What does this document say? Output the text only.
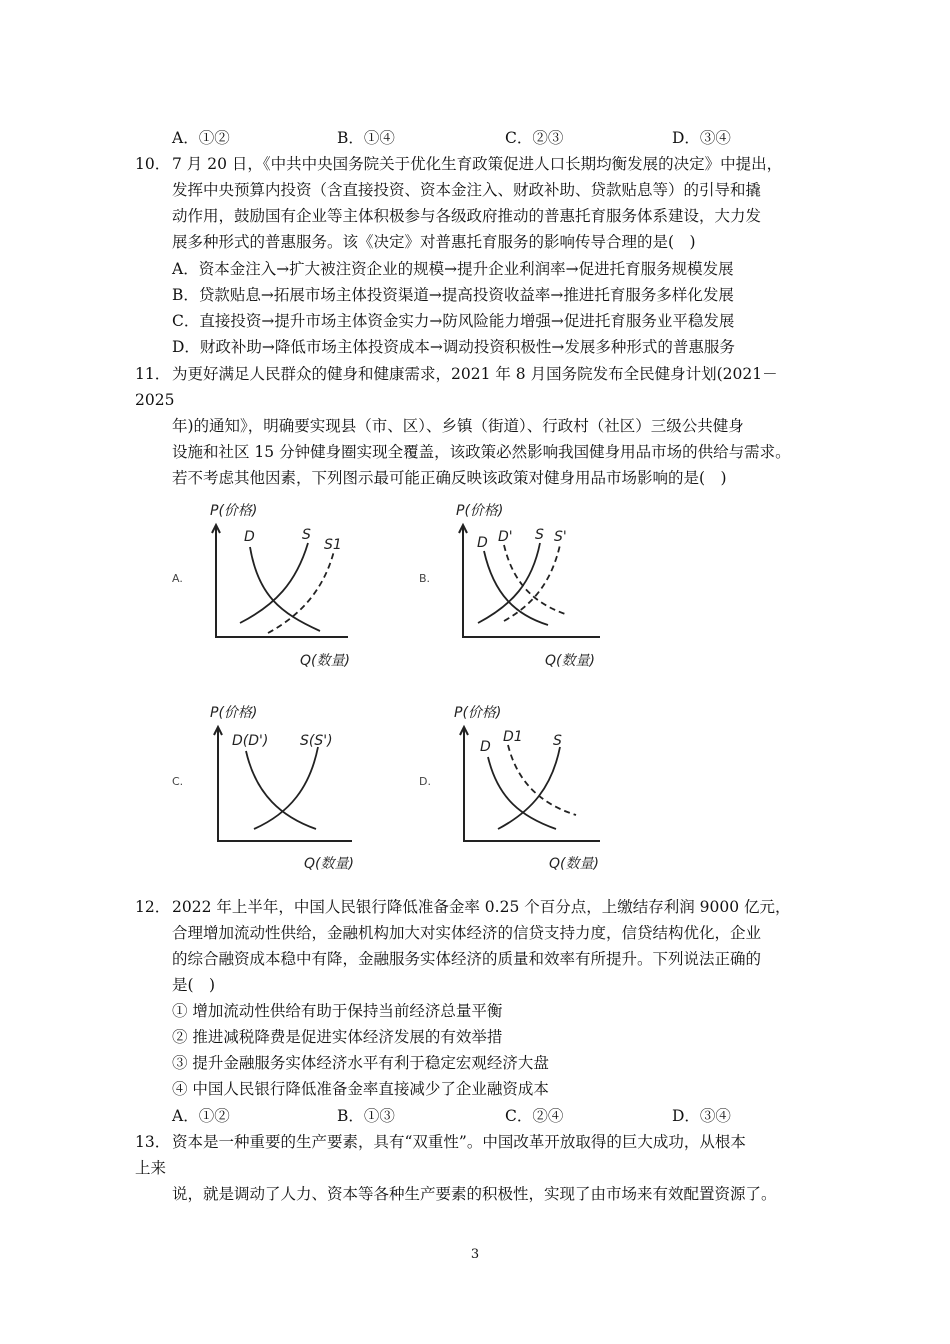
A．①②	B．①④	C．②③	D．③④
10． 7 月 20 日，《中共中央国务院关于优化生育政策促进人口长期均衡发展的决定》中提出，
发挥中央预算内投资（含直接投资、资本金注入、财政补助、贷款贴息等）的引导和撬
动作用，鼓励国有企业等主体积极参与各级政府推动的普惠托育服务体系建设，大力发
展多种形式的普惠服务。该《决定》对普惠托育服务的影响传导合理的是(　)
A．资本金注入→扩大被注资企业的规模→提升企业利润率→促进托育服务规模发展
B．贷款贴息→拓展市场主体投资渠道→提高投资收益率→推进托育服务多样化发展
C．直接投资→提升市场主体资金实力→防风险能力增强→促进托育服务业平稳发展
D．财政补助→降低市场主体投资成本→调动投资积极性→发展多种形式的普惠服务
11． 为更好满足人民群众的健身和健康需求，2021 年 8 月国务院发布全民健身计划(2021－
2025
年)的通知》，明确要实现县（市、区）、乡镇（街道）、行政村（社区）三级公共健身
设施和社区 15 分钟健身圈实现全覆盖，该政策必然影响我国健身用品市场的供给与需求。
若不考虑其他因素，下列图示最可能正确反映该政策对健身用品市场影响的是(　)
A.
P(价格)
Q(数量)
D	S
S1
B.
P(价格)
Q(数量)
D D' S S'
C.
P(价格)
Q(数量)
D(D') S(S')
D.
P(价格)
Q(数量)
D
D1 S
12． 2022 年上半年，中国人民银行降低准备金率 0.25 个百分点，上缴结存利润 9000 亿元，
合理增加流动性供给，金融机构加大对实体经济的信贷支持力度，信贷结构优化，企业
的综合融资成本稳中有降，金融服务实体经济的质量和效率有所提升。下列说法正确的
是(　)
① 增加流动性供给有助于保持当前经济总量平衡
② 推进减税降费是促进实体经济发展的有效举措
③ 提升金融服务实体经济水平有利于稳定宏观经济大盘
④ 中国人民银行降低准备金率直接减少了企业融资成本
A．①②	B．①③	C．②④	D．③④
13． 资本是一种重要的生产要素，具有“双重性”。中国改革开放取得的巨大成功，从根本
上来
说，就是调动了人力、资本等各种生产要素的积极性，实现了由市场来有效配置资源了。
3
